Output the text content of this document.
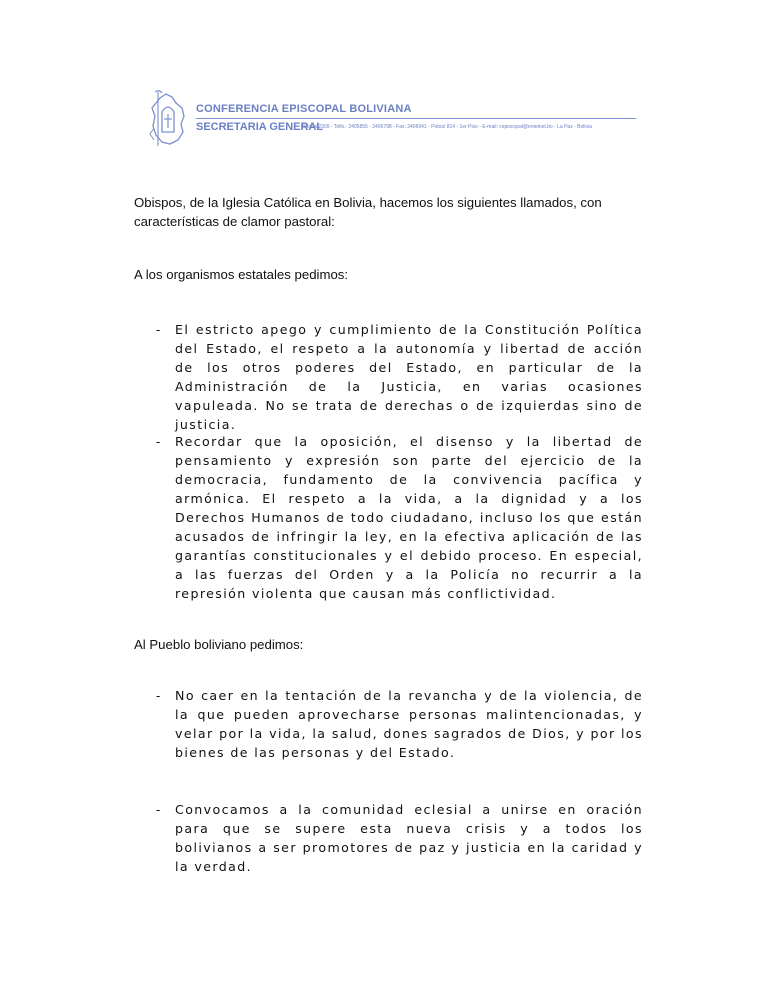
CONFERENCIA EPISCOPAL BOLIVIANA
SECRETARIA GENERAL
Casilla 2309 - Telfs.: 2405855 - 2406798 - Fax: 2406941 - Potosí 814 - 1er Piso - E-mail: cepiscopal@entelnet.bo - La Paz - Bolivia
Obispos, de la Iglesia Católica en Bolivia, hacemos los siguientes llamados, con características de clamor pastoral:
A los organismos estatales pedimos:
- El estricto apego y cumplimiento de la Constitución Política del Estado, el respeto a la autonomía y libertad de acción de los otros poderes del Estado, en particular de la Administración de la Justicia, en varias ocasiones vapuleada. No se trata de derechas o de izquierdas sino de justicia.
- Recordar que la oposición, el disenso y la libertad de pensamiento y expresión son parte del ejercicio de la democracia, fundamento de la convivencia pacífica y armónica. El respeto a la vida, a la dignidad y a los Derechos Humanos de todo ciudadano, incluso los que están acusados de infringir la ley, en la efectiva aplicación de las garantías constitucionales y el debido proceso. En especial, a las fuerzas del Orden y a la Policía no recurrir a la represión violenta que causan más conflictividad.
Al Pueblo boliviano pedimos:
- No caer en la tentación de la revancha y de la violencia, de la que pueden aprovecharse personas malintencionadas, y velar por la vida, la salud, dones sagrados de Dios, y por los bienes de las personas y del Estado.
- Convocamos a la comunidad eclesial a unirse en oración para que se supere esta nueva crisis y a todos los bolivianos a ser promotores de paz y justicia en la caridad y la verdad.
